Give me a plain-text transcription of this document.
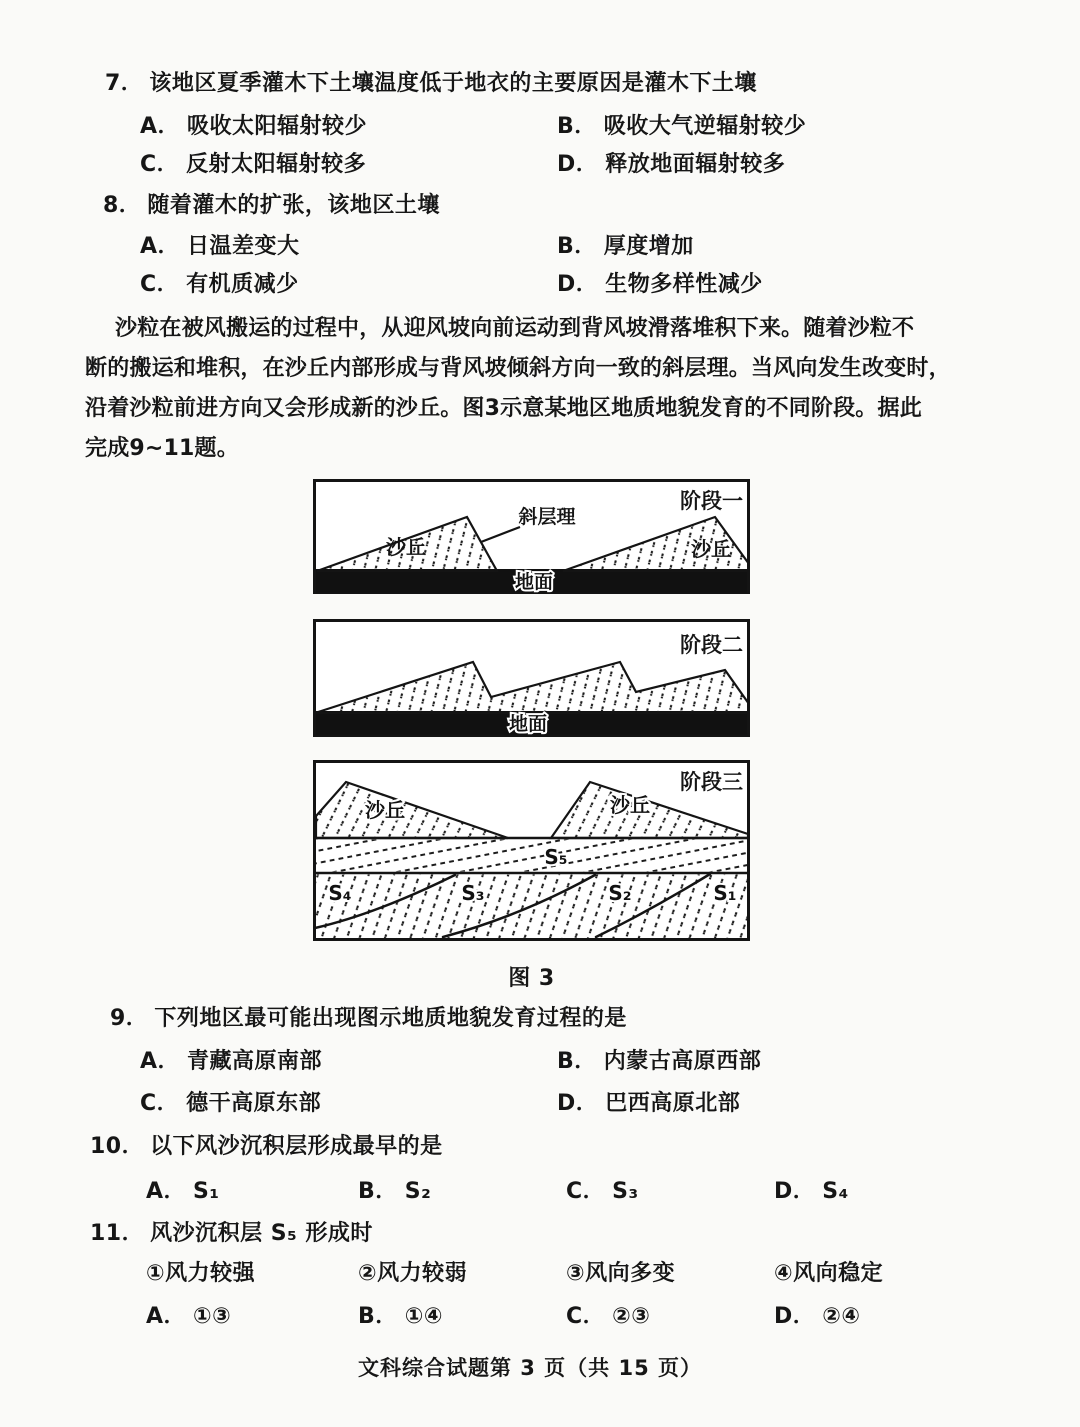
7． 该地区夏季灌木下土壤温度低于地衣的主要原因是灌木下土壤
A． 吸收太阳辐射较少	B． 吸收大气逆辐射较少
C． 反射太阳辐射较多	D． 释放地面辐射较多
8． 随着灌木的扩张，该地区土壤
A． 日温差变大	B． 厚度增加
C． 有机质减少	D． 生物多样性减少
沙粒在被风搬运的过程中，从迎风坡向前运动到背风坡滑落堆积下来。随着沙粒不
断的搬运和堆积，在沙丘内部形成与背风坡倾斜方向一致的斜层理。当风向发生改变时，
沿着沙粒前进方向又会形成新的沙丘。图3示意某地区地质地貌发育的不同阶段。据此
完成9~11题。
斜层理
沙丘	沙丘
阶段一
地面
阶段二
地面
沙丘	沙丘
阶段三
S₅
S₄	S₃	S₂	S₁
图 3
9． 下列地区最可能出现图示地质地貌发育过程的是
A． 青藏高原南部	B． 内蒙古高原西部
C． 德干高原东部	D． 巴西高原北部
10． 以下风沙沉积层形成最早的是
A． S₁	B． S₂	C． S₃	D． S₄
11． 风沙沉积层 S₅ 形成时
①风力较强	②风力较弱	③风向多变	④风向稳定
A． ①③	B． ①④	C． ②③	D． ②④
文科综合试题第 3 页（共 15 页）
